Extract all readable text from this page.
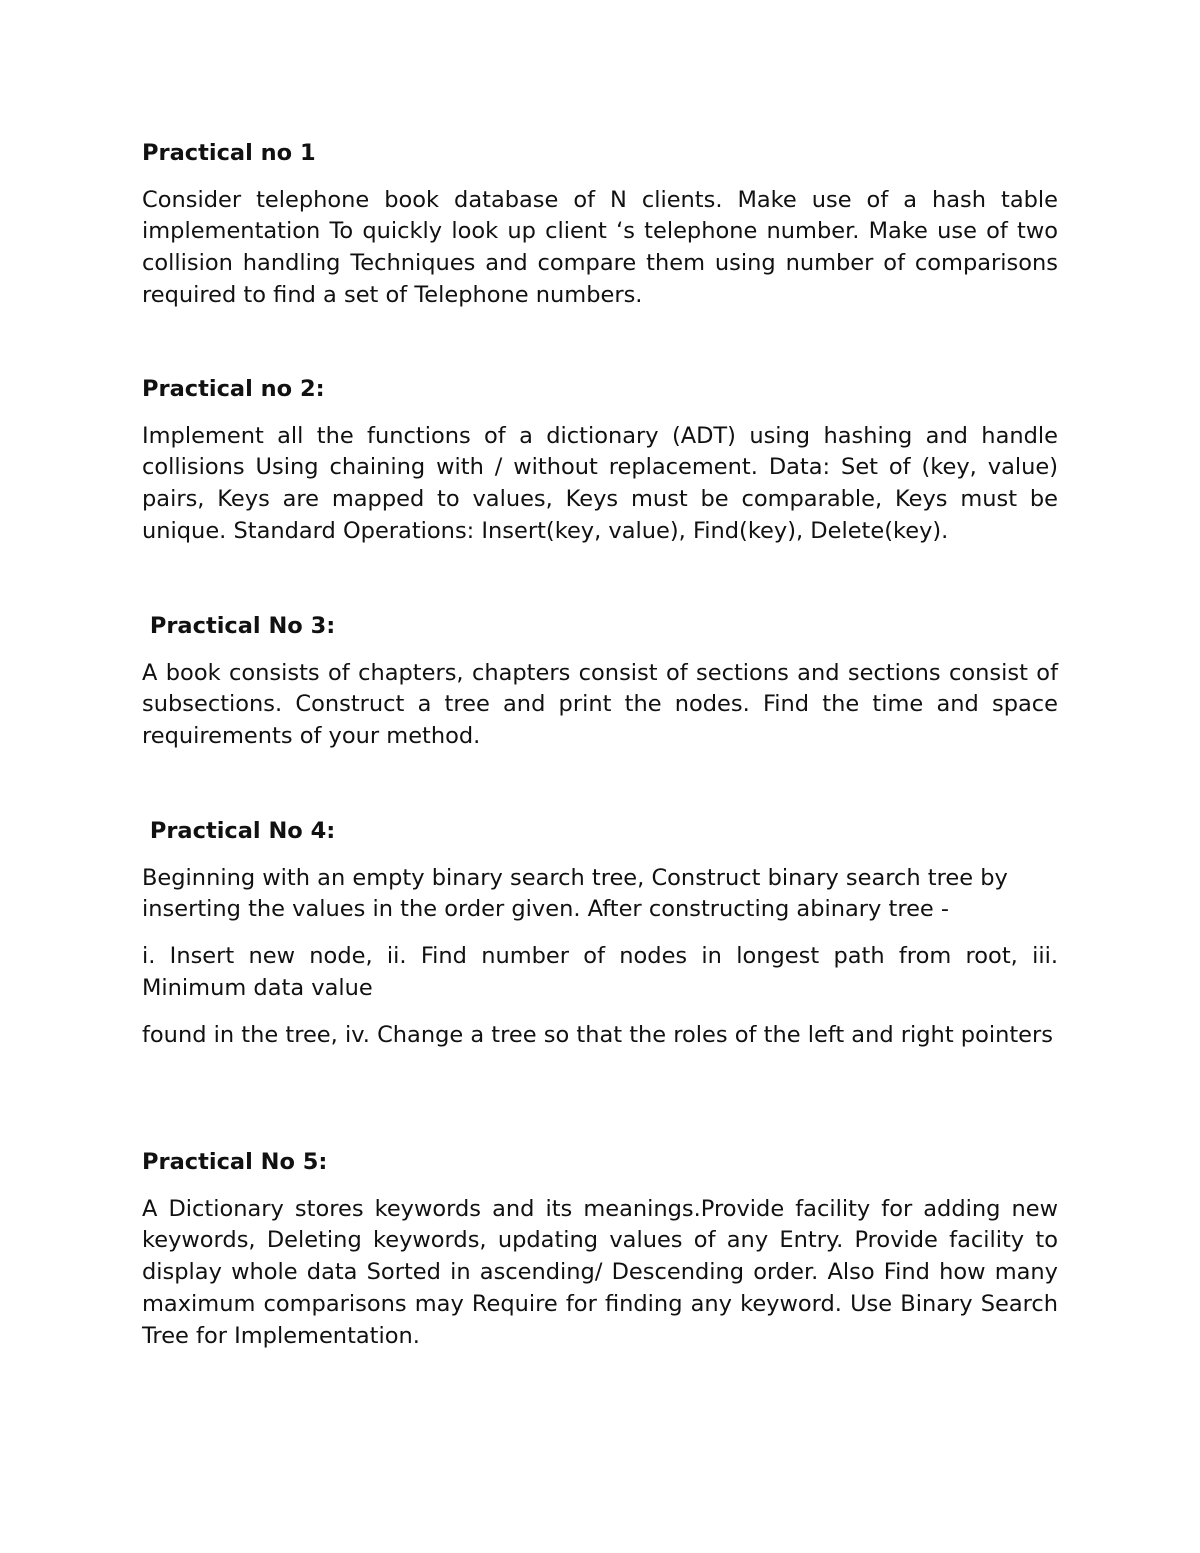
Practical no 1

Consider telephone book database of N clients. Make use of a hash table implementation To quickly look up client ‘s telephone number. Make use of two collision handling Techniques and compare them using number of comparisons required to find a set of Telephone numbers.

Practical no 2:

Implement all the functions of a dictionary (ADT) using hashing and handle collisions Using chaining with / without replacement. Data: Set of (key, value) pairs, Keys are mapped to values, Keys must be comparable, Keys must be unique. Standard Operations: Insert(key, value), Find(key), Delete(key).

Practical No 3:

A book consists of chapters, chapters consist of sections and sections consist of subsections. Construct a tree and print the nodes. Find the time and space requirements of your method.

Practical No 4:

Beginning with an empty binary search tree, Construct binary search tree by inserting the values in the order given. After constructing abinary tree -

i. Insert new node, ii. Find number of nodes in longest path from root, iii. Minimum data value

found in the tree, iv. Change a tree so that the roles of the left and right pointers

Practical No 5:

A Dictionary stores keywords and its meanings.Provide facility for adding new keywords, Deleting keywords, updating values of any Entry. Provide facility to display whole data Sorted in ascending/ Descending order. Also Find how many maximum comparisons may Require for finding any keyword. Use Binary Search Tree for Implementation.
